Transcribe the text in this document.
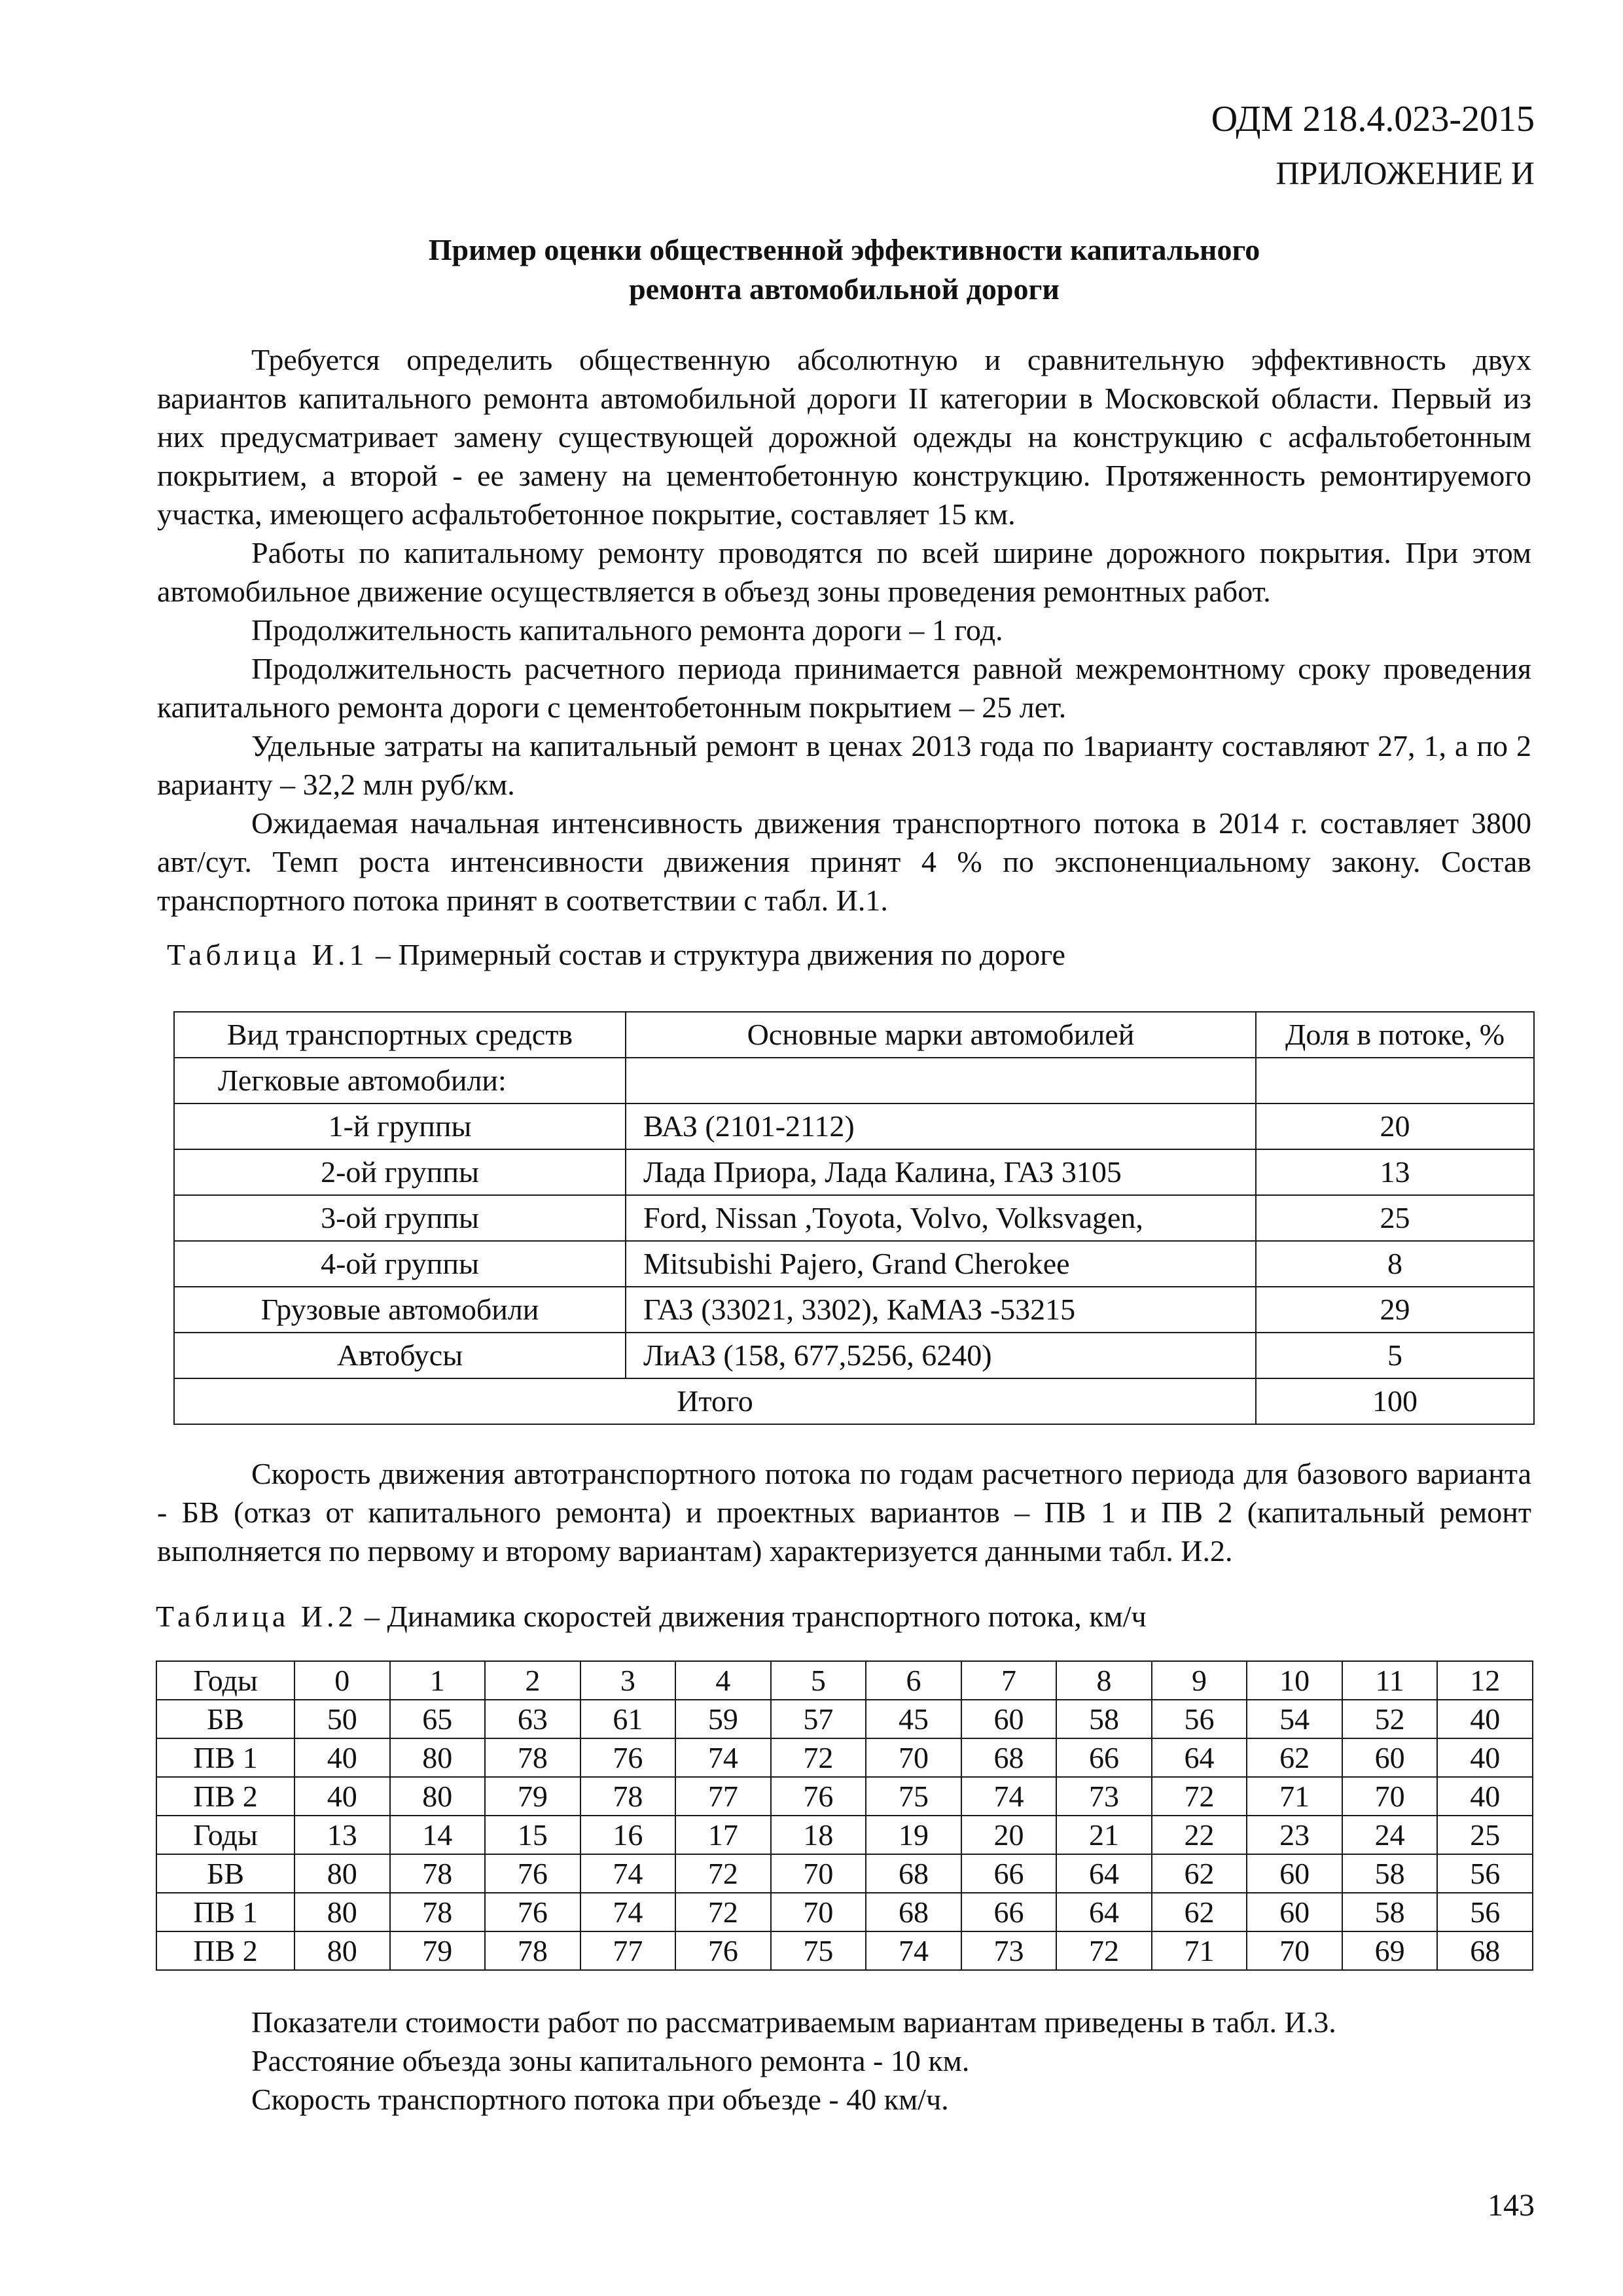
ОДМ 218.4.023-2015
ПРИЛОЖЕНИЕ И
Пример оценки общественной эффективности капитального
ремонта автомобильной дороги

Требуется определить общественную абсолютную и сравнительную эффективность двух вариантов капитального ремонта автомобильной дороги II категории в Московской области. Первый из них предусматривает замену существующей дорожной одежды на конструкцию с асфальтобетонным покрытием, а второй - ее замену на цементобетонную конструкцию. Протяженность ремонтируемого участка, имеющего асфальтобетонное покрытие, составляет 15 км.

Работы по капитальному ремонту проводятся по всей ширине дорожного покрытия. При этом автомобильное движение осуществляется в объезд зоны проведения ремонтных работ.

Продолжительность капитального ремонта дороги – 1 год.

Продолжительность расчетного периода принимается равной межремонтному сроку проведения капитального ремонта дороги с цементобетонным покрытием – 25 лет.

Удельные затраты на капитальный ремонт в ценах 2013 года по 1варианту составляют 27, 1, а по 2 варианту – 32,2 млн руб/км.

Ожидаемая начальная интенсивность движения транспортного потока в 2014 г. составляет 3800 авт/сут. Темп роста интенсивности движения принят 4 % по экспоненциальному закону. Состав транспортного потока принят в соответствии с табл. И.1.

Таблица И.1 – Примерный состав и структура движения по дороге
Вид транспортных средств	Основные марки автомобилей	Доля в потоке, %
Легковые автомобили:		
1-й группы	ВАЗ (2101-2112)	20
2-ой группы	Лада Приора, Лада Калина, ГАЗ 3105	13
3-ой группы	Ford, Nissan ,Toyota, Volvo, Volksvagen,	25
4-ой группы	Mitsubishi Pajero, Grand Cherokee	8
Грузовые автомобили	ГАЗ (33021, 3302), КаМАЗ -53215	29
Автобусы	ЛиАЗ (158, 677,5256, 6240)	5
Итого		100

Скорость движения автотранспортного потока по годам расчетного периода для базового варианта - БВ (отказ от капитального ремонта) и проектных вариантов – ПВ 1 и ПВ 2 (капитальный ремонт выполняется по первому и второму вариантам) характеризуется данными табл. И.2.

Таблица И.2 – Динамика скоростей движения транспортного потока, км/ч
Годы	0	1	2	3	4	5	6	7	8	9	10	11	12
БВ	50	65	63	61	59	57	45	60	58	56	54	52	40
ПВ 1	40	80	78	76	74	72	70	68	66	64	62	60	40
ПВ 2	40	80	79	78	77	76	75	74	73	72	71	70	40
Годы	13	14	15	16	17	18	19	20	21	22	23	24	25
БВ	80	78	76	74	72	70	68	66	64	62	60	58	56
ПВ 1	80	78	76	74	72	70	68	66	64	62	60	58	56
ПВ 2	80	79	78	77	76	75	74	73	72	71	70	69	68

Показатели стоимости работ по рассматриваемым вариантам приведены в табл. И.3.

Расстояние объезда зоны капитального ремонта - 10 км.

Скорость транспортного потока при объезде - 40 км/ч.

143
